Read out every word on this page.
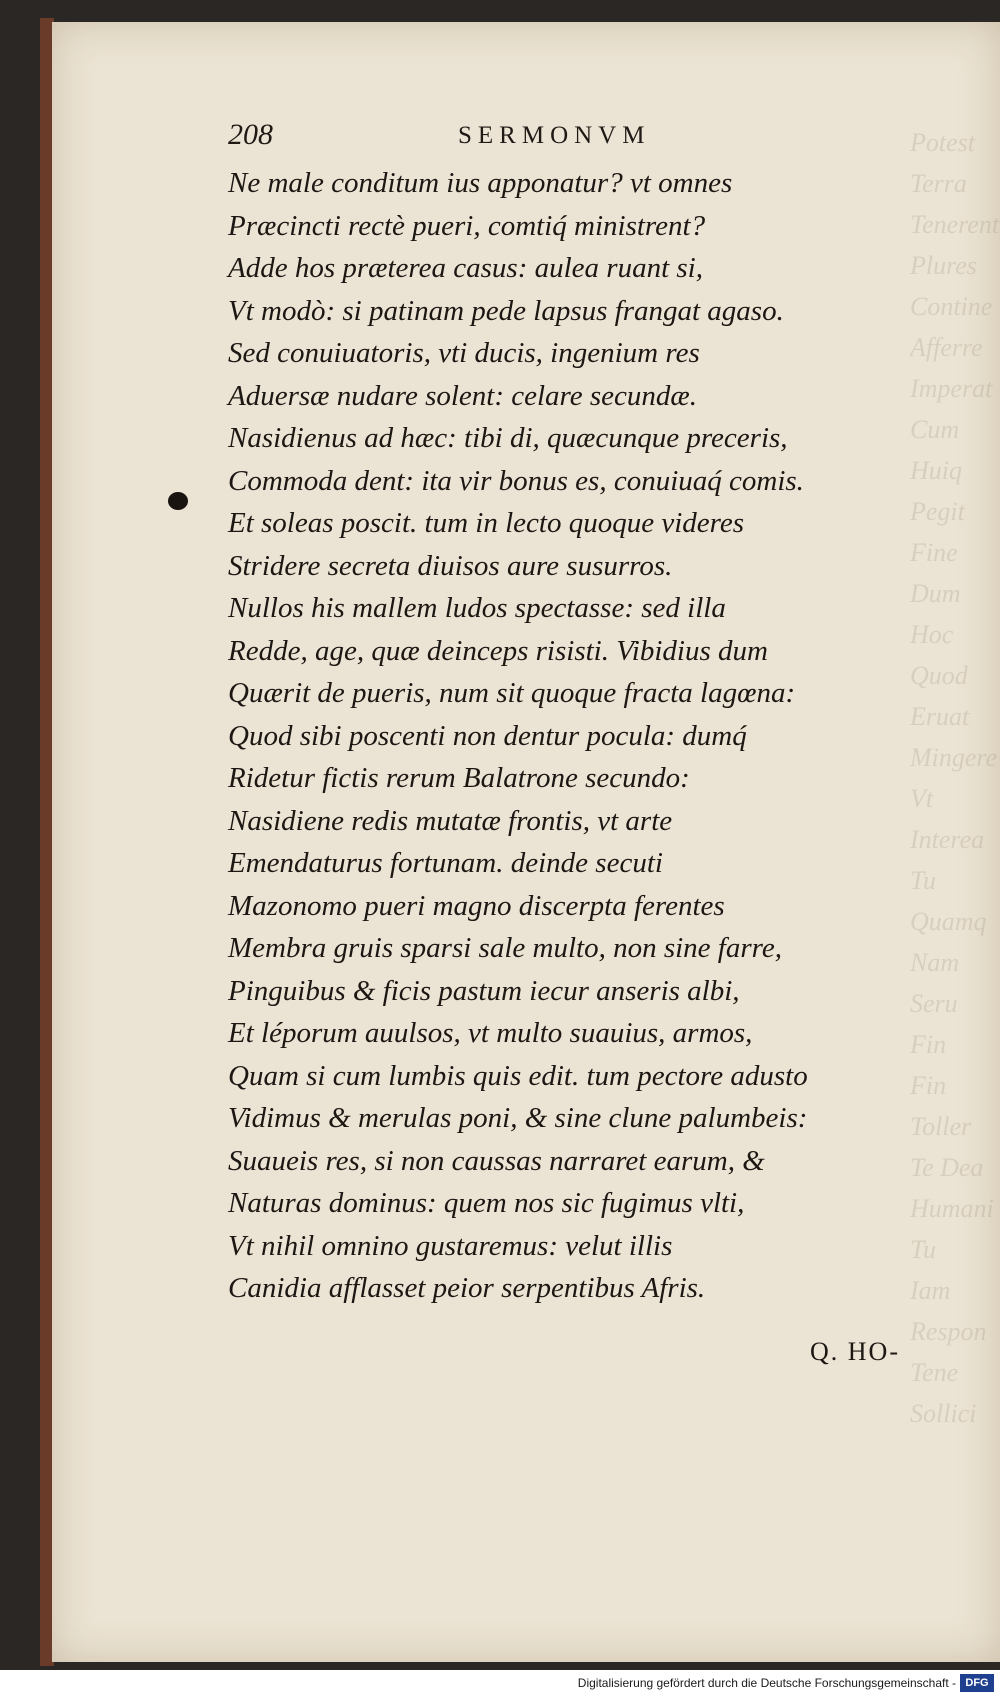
Potest
Terra
Tenerent
Plures
Contine
Afferre
Imperat
Cum
Huiq
Pegit
Fine
Dum
Hoc
Quod
Eruat
Mingere
Vt
Interea
Tu
Quamq
Nam
Seru
Fin
Fin
Toller
Te Dea
Humani
Tu
Iam
Respon
Tene
Sollici
208	SERMONVM
Ne male conditum ius apponatur? vt omnes
Præcincti rectè pueri, comtiq́ ministrent?
Adde hos præterea casus: aulea ruant si,
Vt modò: si patinam pede lapsus frangat agaso.
Sed conuiuatoris, vti ducis, ingenium res
Aduersæ nudare solent: celare secundæ.
Nasidienus ad hæc: tibi di, quæcunque preceris,
Commoda dent: ita vir bonus es, conuiuaq́ comis.
Et soleas poscit. tum in lecto quoque videres
Stridere secreta diuisos aure susurros.
Nullos his mallem ludos spectasse: sed illa
Redde, age, quæ deinceps risisti. Vibidius dum
Quærit de pueris, num sit quoque fracta lagœna:
Quod sibi poscenti non dentur pocula: dumq́
Ridetur fictis rerum Balatrone secundo:
Nasidiene redis mutatæ frontis, vt arte
Emendaturus fortunam. deinde secuti
Mazonomo pueri magno discerpta ferentes
Membra gruis sparsi sale multo, non sine farre,
Pinguibus & ficis pastum iecur anseris albi,
Et léporum auulsos, vt multo suauius, armos,
Quam si cum lumbis quis edit. tum pectore adusto
Vidimus & merulas poni, & sine clune palumbeis:
Suaueis res, si non caussas narraret earum, &
Naturas dominus: quem nos sic fugimus vlti,
Vt nihil omnino gustaremus: velut illis
Canidia afflasset peior serpentibus Afris.
Q. HO-
Digitalisierung gefördert durch die Deutsche Forschungsgemeinschaft - DFG
